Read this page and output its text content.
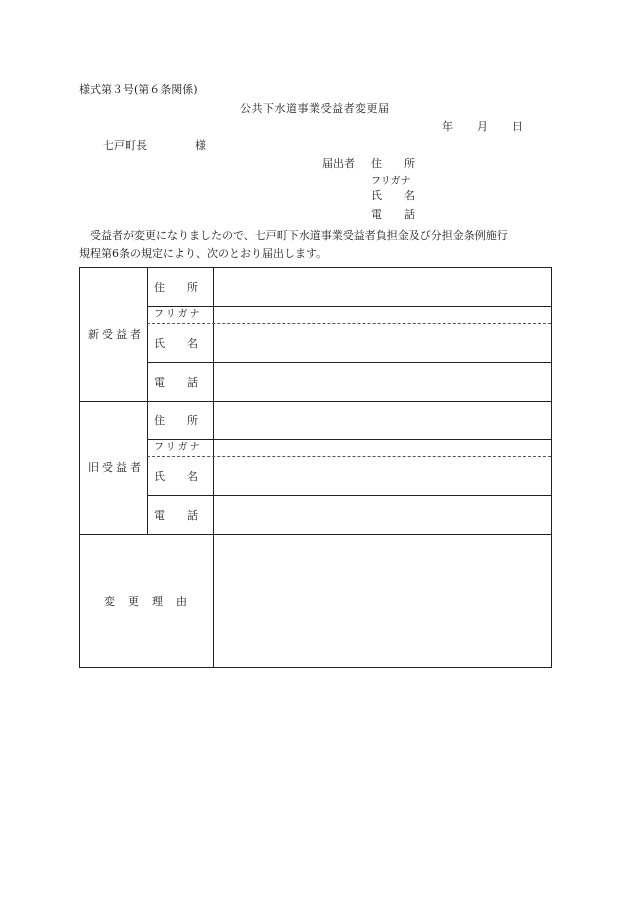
様式第３号(第６条関係)
公共下水道事業受益者変更届
年 月 日
七戸町長	様
届出者 住　　所
フリガナ
氏　　名
電　　話
受益者が変更になりましたので、七戸町下水道事業受益者負担金及び分担金条例施行
規程第6条の規定により、次のとおり届出します。
新受益者
住　　所
フリガナ
氏　　名
電　　話
旧受益者
住　　所
フリガナ
氏　　名
電　　話
変　更　理　由
